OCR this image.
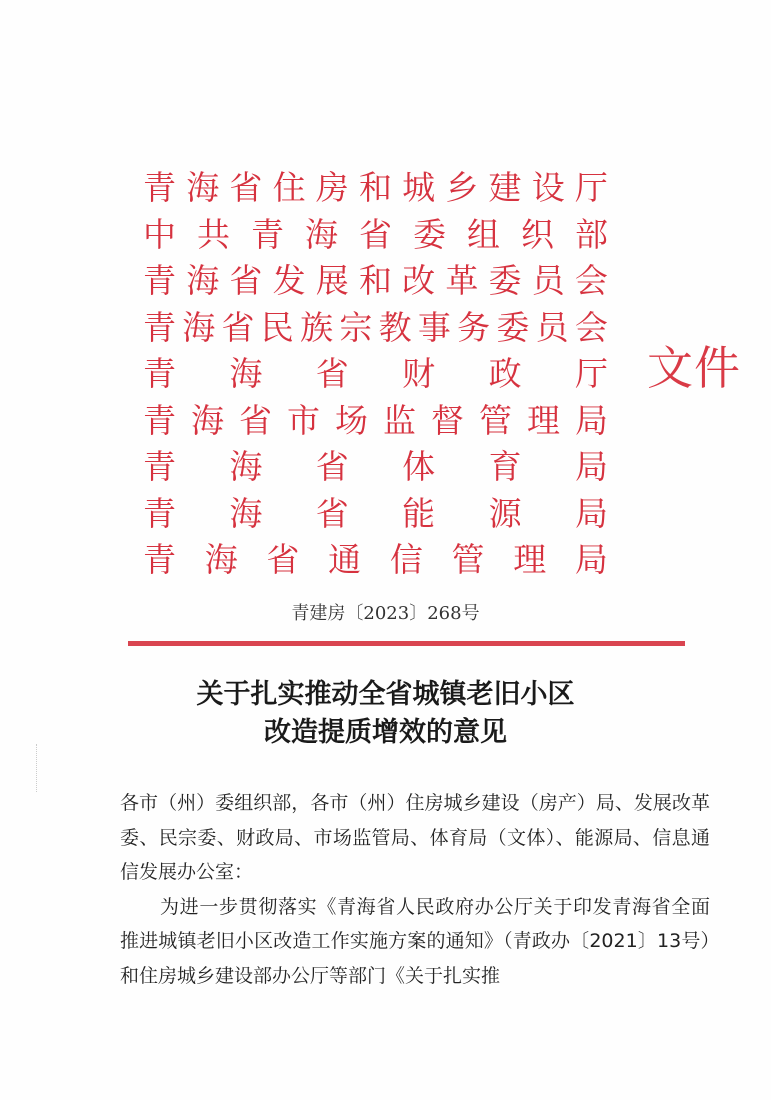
青 海 省 住 房 和 城 乡 建 设 厅
中 共 青 海 省 委 组 织 部
青 海 省 发 展 和 改 革 委 员 会
青 海 省 民 族 宗 教 事 务 委 员 会
青 海 省 财 政 厅
青 海 省 市 场 监 督 管 理 局
青 海 省 体 育 局
青 海 省 能 源 局
青 海 省 通 信 管 理 局
文件
青建房〔2023〕268号
关于扎实推动全省城镇老旧小区
改造提质增效的意见

各市（州）委组织部，各市（州）住房城乡建设（房产）局、发展改革委、民宗委、财政局、市场监管局、体育局（文体）、能源局、信息通信发展办公室：

为进一步贯彻落实《青海省人民政府办公厅关于印发青海省全面推进城镇老旧小区改造工作实施方案的通知》（青政办〔2021〕13号）和住房城乡建设部办公厅等部门《关于扎实推
